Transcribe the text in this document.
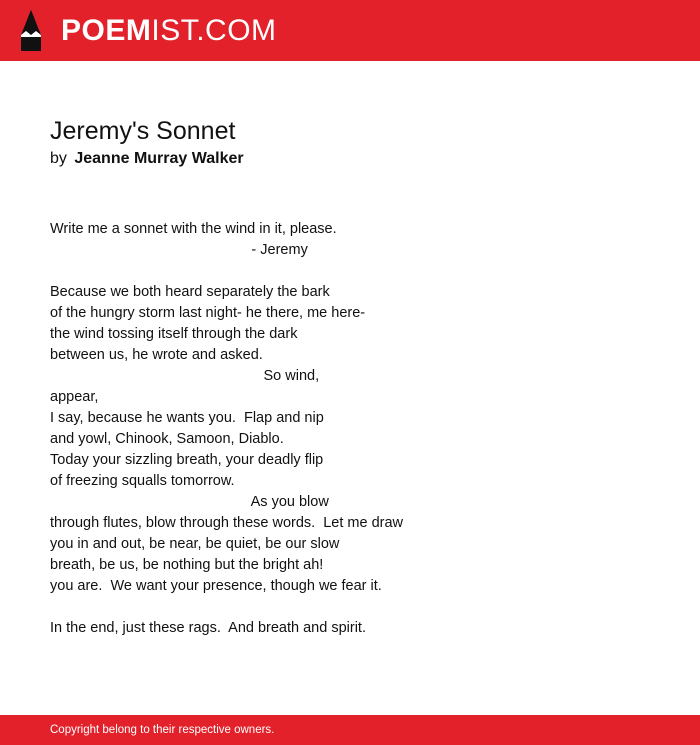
POEMIST.COM
Jeremy's Sonnet
by Jeanne Murray Walker
Write me a sonnet with the wind in it, please.
- Jeremy
Because we both heard separately the bark
of the hungry storm last night- he there, me here-
the wind tossing itself through the dark
between us, he wrote and asked.
So wind,
appear,
I say, because he wants you.  Flap and nip
and yowl, Chinook, Samoon, Diablo.
Today your sizzling breath, your deadly flip
of freezing squalls tomorrow.
As you blow
through flutes, blow through these words.  Let me draw
you in and out, be near, be quiet, be our slow
breath, be us, be nothing but the bright ah!
you are.  We want your presence, though we fear it.
In the end, just these rags.  And breath and spirit.
Copyright belong to their respective owners.
